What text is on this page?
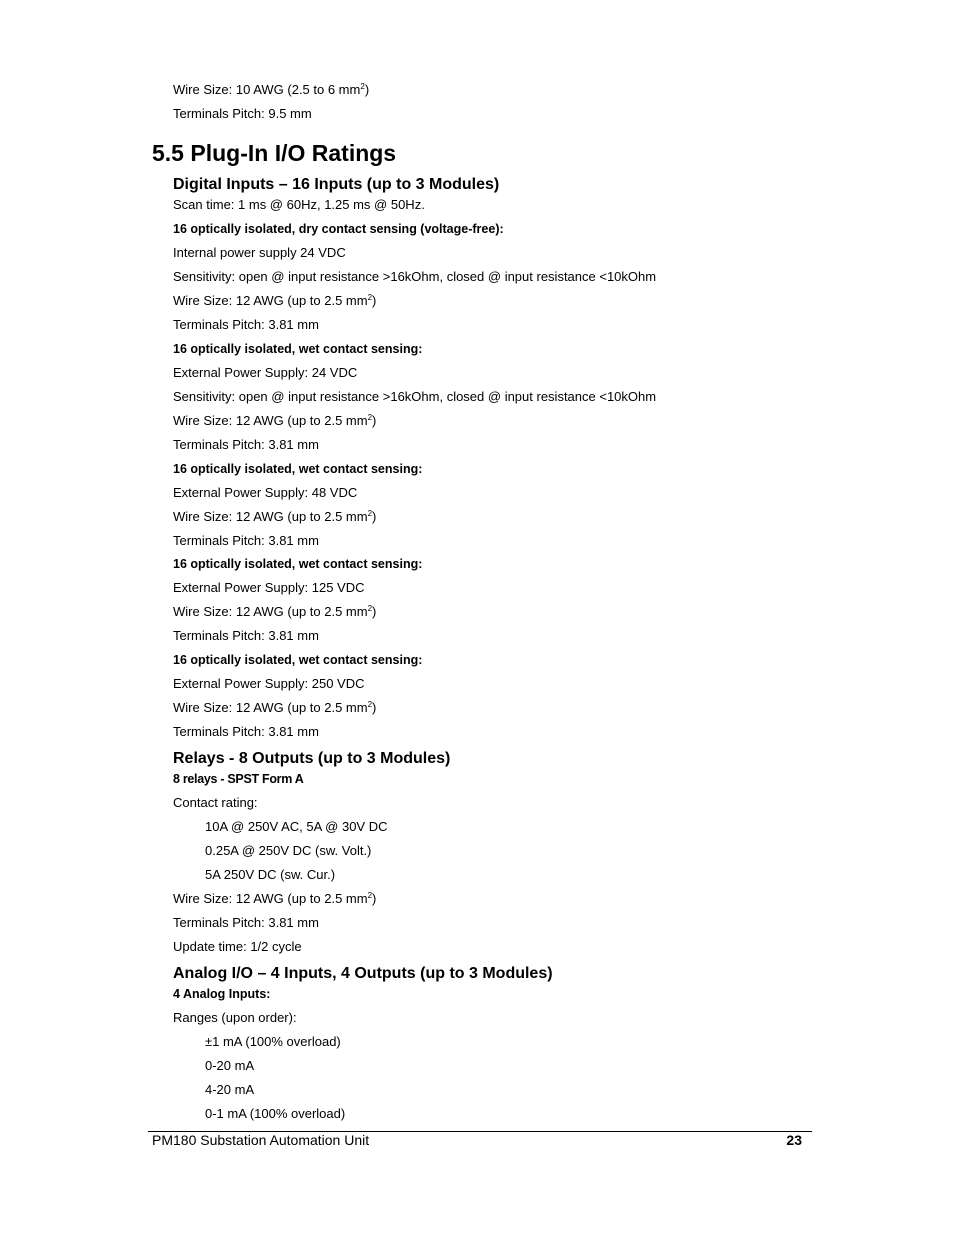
Wire Size: 10 AWG (2.5 to 6 $mm^2$)
Terminals Pitch: 9.5 mm
5.5 Plug-In I/O Ratings
Digital Inputs – 16 Inputs (up to 3 Modules)
Scan time: 1 ms @ 60Hz, 1.25 ms @ 50Hz.
16 optically isolated, dry contact sensing (voltage-free):
Internal power supply 24 VDC
Sensitivity: open @ input resistance >16kOhm, closed @ input resistance <10kOhm
Wire Size: 12 AWG (up to 2.5 $mm^2$)
Terminals Pitch: 3.81 mm
16 optically isolated, wet contact sensing:
External Power Supply: 24 VDC
Sensitivity: open @ input resistance >16kOhm, closed @ input resistance <10kOhm
Wire Size: 12 AWG (up to 2.5 $mm^2$)
Terminals Pitch: 3.81 mm
16 optically isolated, wet contact sensing:
External Power Supply: 48 VDC
Wire Size: 12 AWG (up to 2.5 $mm^2$)
Terminals Pitch: 3.81 mm
16 optically isolated, wet contact sensing:
External Power Supply: 125 VDC
Wire Size: 12 AWG (up to 2.5 $mm^2$)
Terminals Pitch: 3.81 mm
16 optically isolated, wet contact sensing:
External Power Supply: 250 VDC
Wire Size: 12 AWG (up to 2.5 $mm^2$)
Terminals Pitch: 3.81 mm
Relays - 8 Outputs (up to 3 Modules)
8 relays - SPST Form A
Contact rating:
10A @ 250V AC, 5A @ 30V DC
0.25A @ 250V DC (sw. Volt.)
5A 250V DC (sw. Cur.)
Wire Size: 12 AWG (up to 2.5 $mm^2$)
Terminals Pitch: 3.81 mm
Update time: 1/2 cycle
Analog I/O – 4 Inputs, 4 Outputs (up to 3 Modules)
4 Analog Inputs:
Ranges (upon order):
±1 mA (100% overload)
0-20 mA
4-20 mA
0-1 mA (100% overload)
PM180 Substation Automation Unit	23
